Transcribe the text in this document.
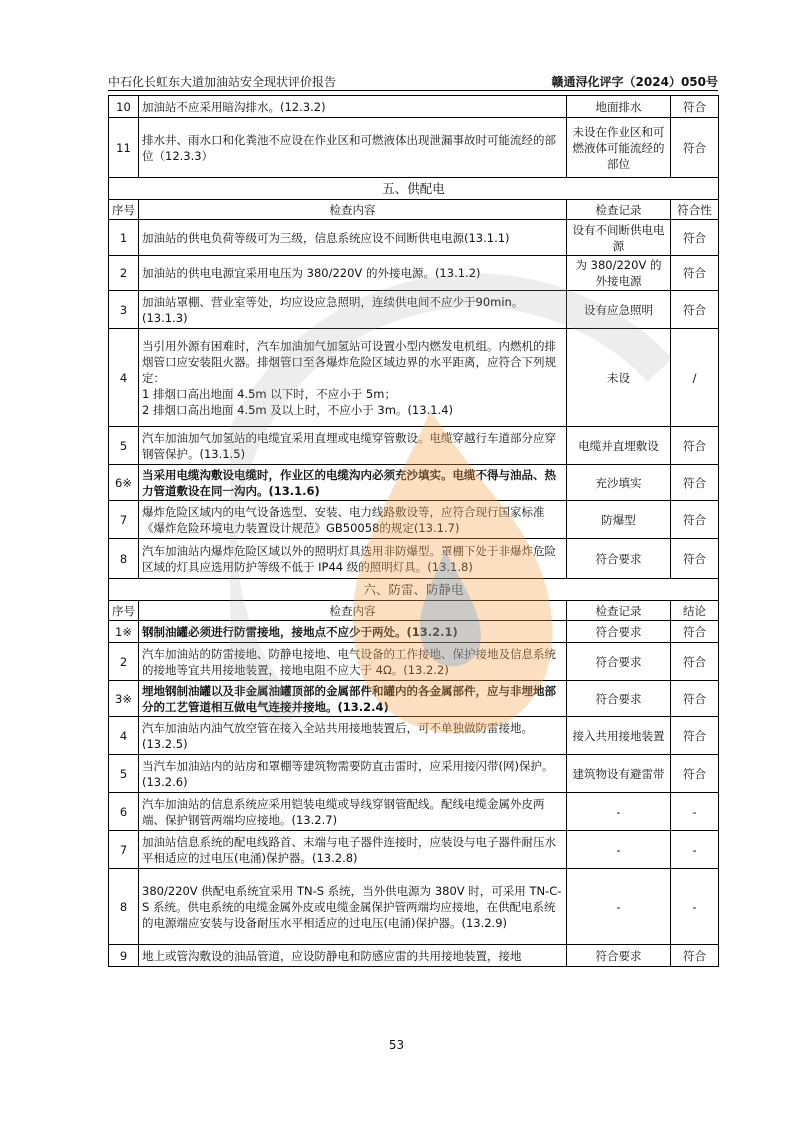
中石化长虹东大道加油站安全现状评价报告	赣通浔化评字（2024）050号
10	加油站不应采用暗沟排水。(12.3.2)	地面排水	符合
11	排水井、雨水口和化粪池不应设在作业区和可燃液体出现泄漏事故时可能流经的部位（12.3.3）	未设在作业区和可燃液体可能流经的部位	符合
五、供配电			
序号	检查内容	检查记录	符合性
1	加油站的供电负荷等级可为三级，信息系统应设不间断供电电源(13.1.1)	设有不间断供电电源	符合
2	加油站的供电电源宜采用电压为 380/220V 的外接电源。(13.1.2)	为 380/220V 的外接电源	符合
3	加油站罩棚、营业室等处，均应设应急照明，连续供电间不应少于90min。(13.1.3)	设有应急照明	符合
4	当引用外源有困难时，汽车加油加气加氢站可设置小型内燃发电机组。内燃机的排烟管口应安装阻火器。排烟管口至各爆炸危险区域边界的水平距离，应符合下列规定：
1 排烟口高出地面 4.5m 以下时，不应小于 5m；
2 排烟口高出地面 4.5m 及以上时，不应小于 3m。(13.1.4)	未设	/
5	汽车加油加气加氢站的电缆宜采用直埋或电缆穿管敷设。电缆穿越行车道部分应穿钢管保护。(13.1.5)	电缆并直埋敷设	符合
6※	当采用电缆沟敷设电缆时，作业区的电缆沟内必须充沙填实。电缆不得与油品、热力管道敷设在同一沟内。(13.1.6)	充沙填实	符合
7	爆炸危险区域内的电气设备选型、安装、电力线路敷设等，应符合现行国家标准《爆炸危险环境电力装置设计规范》GB50058的规定(13.1.7)	防爆型	符合
8	汽车加油站内爆炸危险区域以外的照明灯具选用非防爆型。罩棚下处于非爆炸危险区域的灯具应选用防护等级不低于 IP44 级的照明灯具。(13.1.8)	符合要求	符合
六、防雷、防静电			
序号	检查内容	检查记录	结论
1※	钢制油罐必须进行防雷接地，接地点不应少于两处。(13.2.1)	符合要求	符合
2	汽车加油站的防雷接地、防静电接地、电气设备的工作接地、保护接地及信息系统的接地等宜共用接地装置，接地电阻不应大于 4Ω。(13.2.2)	符合要求	符合
3※	埋地钢制油罐以及非金属油罐顶部的金属部件和罐内的各金属部件，应与非埋地部分的工艺管道相互做电气连接并接地。(13.2.4)	符合要求	符合
4	汽车加油站内油气放空管在接入全站共用接地装置后，可不单独做防雷接地。(13.2.5)	接入共用接地装置	符合
5	当汽车加油站内的站房和罩棚等建筑物需要防直击雷时，应采用接闪带(网)保护。(13.2.6)	建筑物设有避雷带	符合
6	汽车加油站的信息系统应采用铠装电缆或导线穿钢管配线。配线电缆金属外皮两端、保护钢管两端均应接地。(13.2.7)	-	-
7	加油站信息系统的配电线路首、末端与电子器件连接时，应装设与电子器件耐压水平相适应的过电压(电涌)保护器。(13.2.8)	-	-
8	380/220V 供配电系统宜采用 TN-S 系统，当外供电源为 380V 时，可采用 TN-C-S 系统。供电系统的电缆金属外皮或电缆金属保护管两端均应接地，在供配电系统的电源端应安装与设备耐压水平相适应的过电压(电涌)保护器。(13.2.9)	-	-
9	地上或管沟敷设的油品管道，应设防静电和防感应雷的共用接地装置，接地	符合要求	符合
53
